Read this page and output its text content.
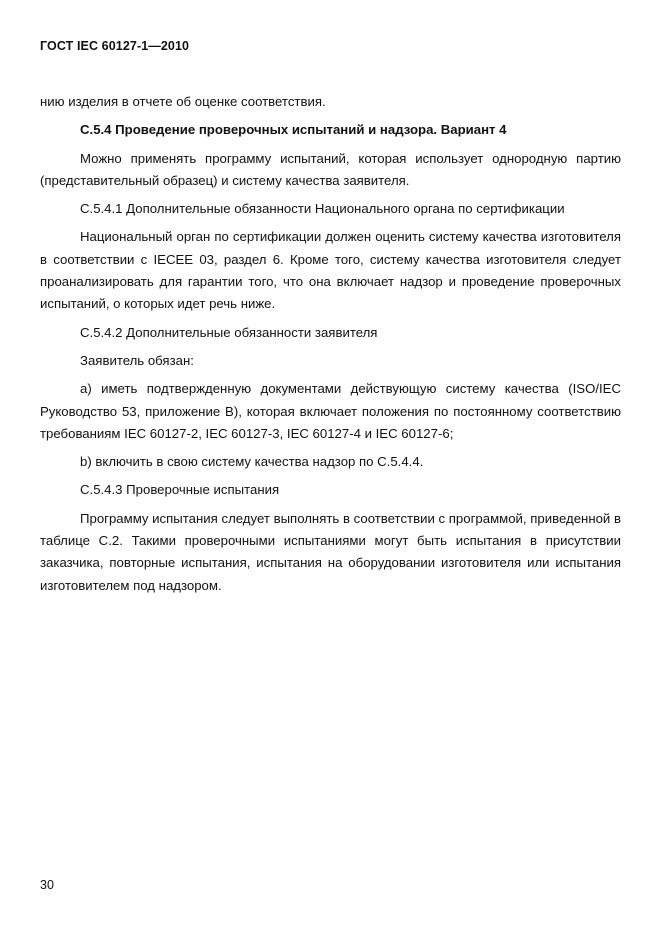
ГОСТ IEC 60127-1—2010

нию изделия в отчете об оценке соответствия.

С.5.4 Проведение проверочных испытаний и надзора. Вариант 4

Можно применять программу испытаний, которая использует однородную партию (представительный образец) и систему качества заявителя.

С.5.4.1 Дополнительные обязанности Национального органа по сертификации

Национальный орган по сертификации должен оценить систему качества изготовителя в соответствии с IECEE 03, раздел 6. Кроме того, систему качества изготовителя следует проанализировать для гарантии того, что она включает надзор и проведение проверочных испытаний, о которых идет речь ниже.

С.5.4.2 Дополнительные обязанности заявителя

Заявитель обязан:

a) иметь подтвержденную документами действующую систему качества (ISO/IEC Руководство 53, приложение В), которая включает положения по постоянному соответствию требованиям IEC 60127-2, IEC 60127-3, IEC 60127-4 и IEC 60127-6;

b) включить в свою систему качества надзор по С.5.4.4.

С.5.4.3 Проверочные испытания

Программу испытания следует выполнять в соответствии с программой, приведенной в таблице С.2. Такими проверочными испытаниями могут быть испытания в присутствии заказчика, повторные испытания, испытания на оборудовании изготовителя или испытания изготовителем под надзором.

30
